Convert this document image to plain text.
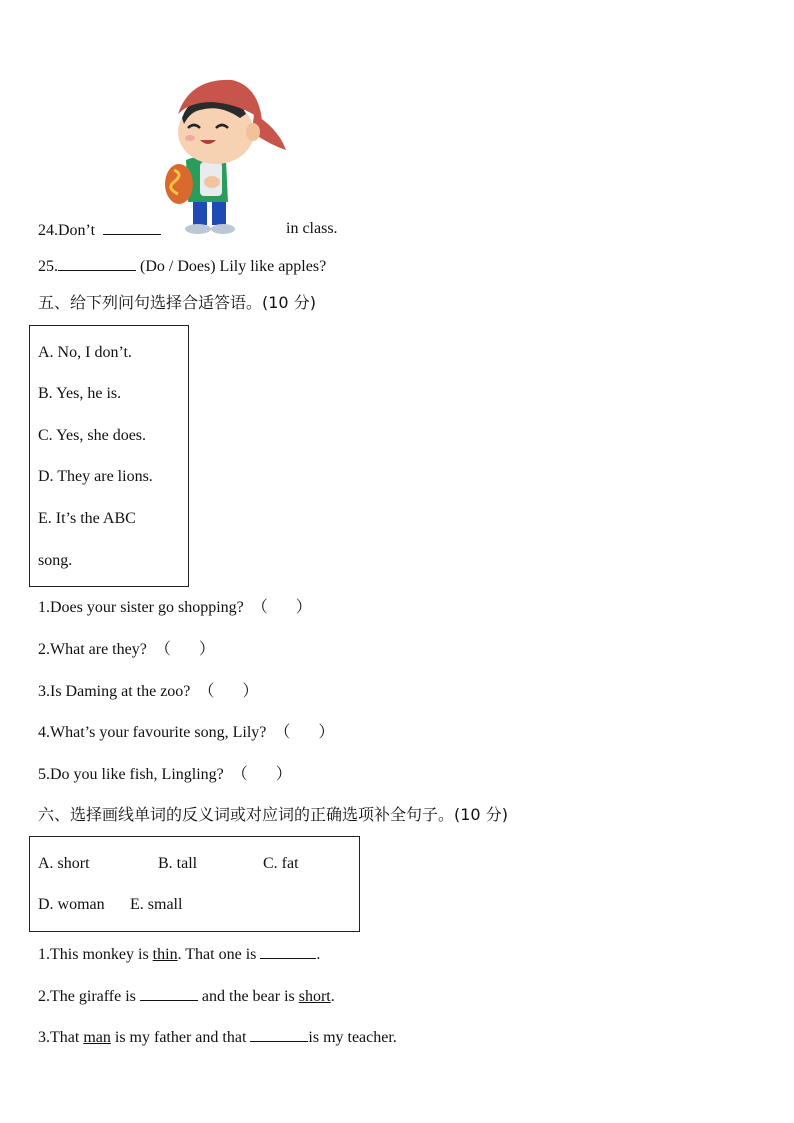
24.Don’t	in class.
25.	(Do / Does) Lily like apples?
五、给下列问句选择合适答语。(10 分)
A. No, I don’t.
B. Yes, he is.
C. Yes, she does.
D. They are lions.
E. It’s the ABC
song.
1.Does your sister go shopping? （ ）
2.What are they? （ ）
3.Is Daming at the zoo? （ ）
4.What’s your favourite song, Lily? （ ）
5.Do you like fish, Lingling? （ ）
六、选择画线单词的反义词或对应词的正确选项补全句子。(10 分)
A. short	B. tall	C. fat
D. woman E. small
1.This monkey is thin. That one is	.
2.The giraffe is	and the bear is short.
3.That man is my father and that	is my teacher.
